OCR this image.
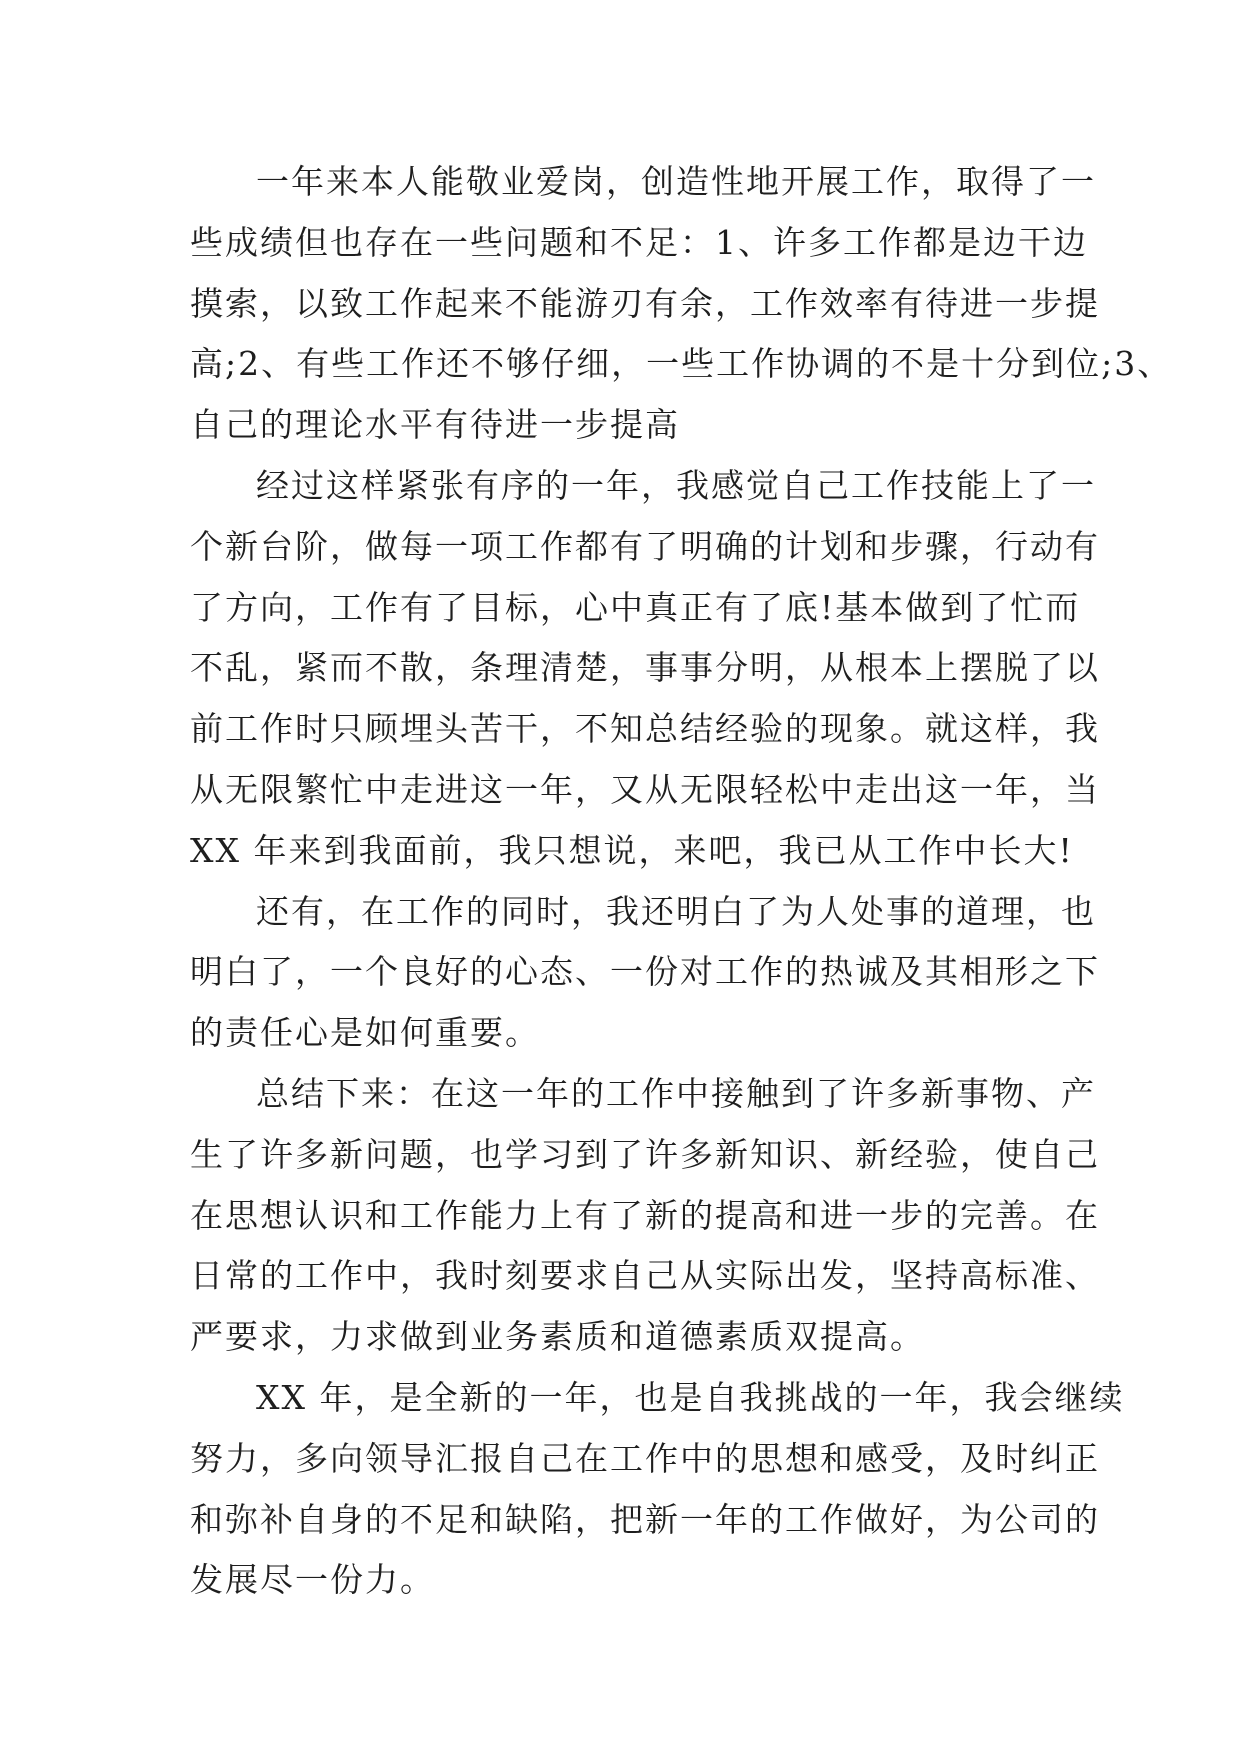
一年来本人能敬业爱岗，创造性地开展工作，取得了一
些成绩但也存在一些问题和不足：1、许多工作都是边干边
摸索，以致工作起来不能游刃有余，工作效率有待进一步提
高;2、有些工作还不够仔细，一些工作协调的不是十分到位;3、
自己的理论水平有待进一步提高
经过这样紧张有序的一年，我感觉自己工作技能上了一
个新台阶，做每一项工作都有了明确的计划和步骤，行动有
了方向，工作有了目标，心中真正有了底!基本做到了忙而
不乱，紧而不散，条理清楚，事事分明，从根本上摆脱了以
前工作时只顾埋头苦干，不知总结经验的现象。就这样，我
从无限繁忙中走进这一年，又从无限轻松中走出这一年，当
XX 年来到我面前，我只想说，来吧，我已从工作中长大!
还有，在工作的同时，我还明白了为人处事的道理，也
明白了，一个良好的心态、一份对工作的热诚及其相形之下
的责任心是如何重要。
总结下来：在这一年的工作中接触到了许多新事物、产
生了许多新问题，也学习到了许多新知识、新经验，使自己
在思想认识和工作能力上有了新的提高和进一步的完善。在
日常的工作中，我时刻要求自己从实际出发，坚持高标准、
严要求，力求做到业务素质和道德素质双提高。
XX 年，是全新的一年，也是自我挑战的一年，我会继续
努力，多向领导汇报自己在工作中的思想和感受，及时纠正
和弥补自身的不足和缺陷，把新一年的工作做好，为公司的
发展尽一份力。
